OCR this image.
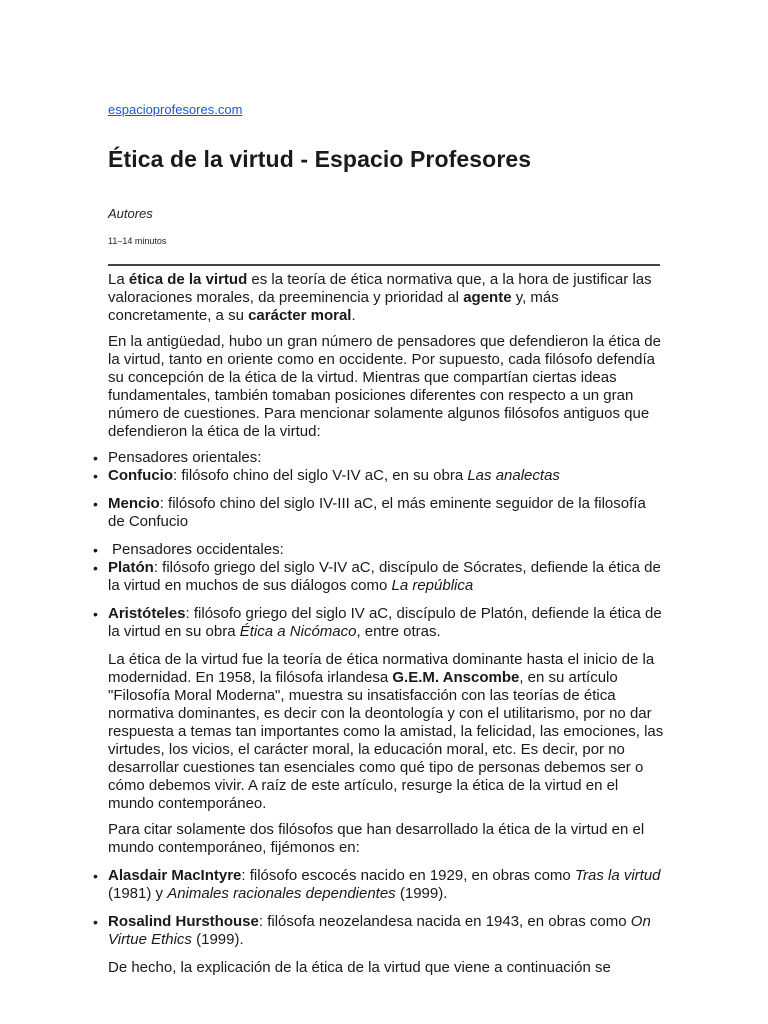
espacioprofesores.com
Ética de la virtud - Espacio Profesores
Autores
11–14 minutos

La ética de la virtud es la teoría de ética normativa que, a la hora de justificar las valoraciones morales, da preeminencia y prioridad al agente y, más concretamente, a su carácter moral.

En la antigüedad, hubo un gran número de pensadores que defendieron la ética de la virtud, tanto en oriente como en occidente. Por supuesto, cada filósofo defendía su concepción de la ética de la virtud. Mientras que compartían ciertas ideas fundamentales, también tomaban posiciones diferentes con respecto a un gran número de cuestiones. Para mencionar solamente algunos filósofos antiguos que defendieron la ética de la virtud:

• Pensadores orientales:
• Confucio: filósofo chino del siglo V-IV aC, en su obra Las analectas
• Mencio: filósofo chino del siglo IV-III aC, el más eminente seguidor de la filosofía de Confucio
• Pensadores occidentales:
• Platón: filósofo griego del siglo V-IV aC, discípulo de Sócrates, defiende la ética de la virtud en muchos de sus diálogos como La república
• Aristóteles: filósofo griego del siglo IV aC, discípulo de Platón, defiende la ética de la virtud en su obra Ética a Nicómaco, entre otras.

La ética de la virtud fue la teoría de ética normativa dominante hasta el inicio de la modernidad. En 1958, la filósofa irlandesa G.E.M. Anscombe, en su artículo "Filosofía Moral Moderna", muestra su insatisfacción con las teorías de ética normativa dominantes, es decir con la deontología y con el utilitarismo, por no dar respuesta a temas tan importantes como la amistad, la felicidad, las emociones, las virtudes, los vicios, el carácter moral, la educación moral, etc. Es decir, por no desarrollar cuestiones tan esenciales como qué tipo de personas debemos ser o cómo debemos vivir. A raíz de este artículo, resurge la ética de la virtud en el mundo contemporáneo.

Para citar solamente dos filósofos que han desarrollado la ética de la virtud en el mundo contemporáneo, fijémonos en:

• Alasdair MacIntyre: filósofo escocés nacido en 1929, en obras como Tras la virtud (1981) y Animales racionales dependientes (1999).
• Rosalind Hursthouse: filósofa neozelandesa nacida en 1943, en obras como On Virtue Ethics (1999).

De hecho, la explicación de la ética de la virtud que viene a continuación se
